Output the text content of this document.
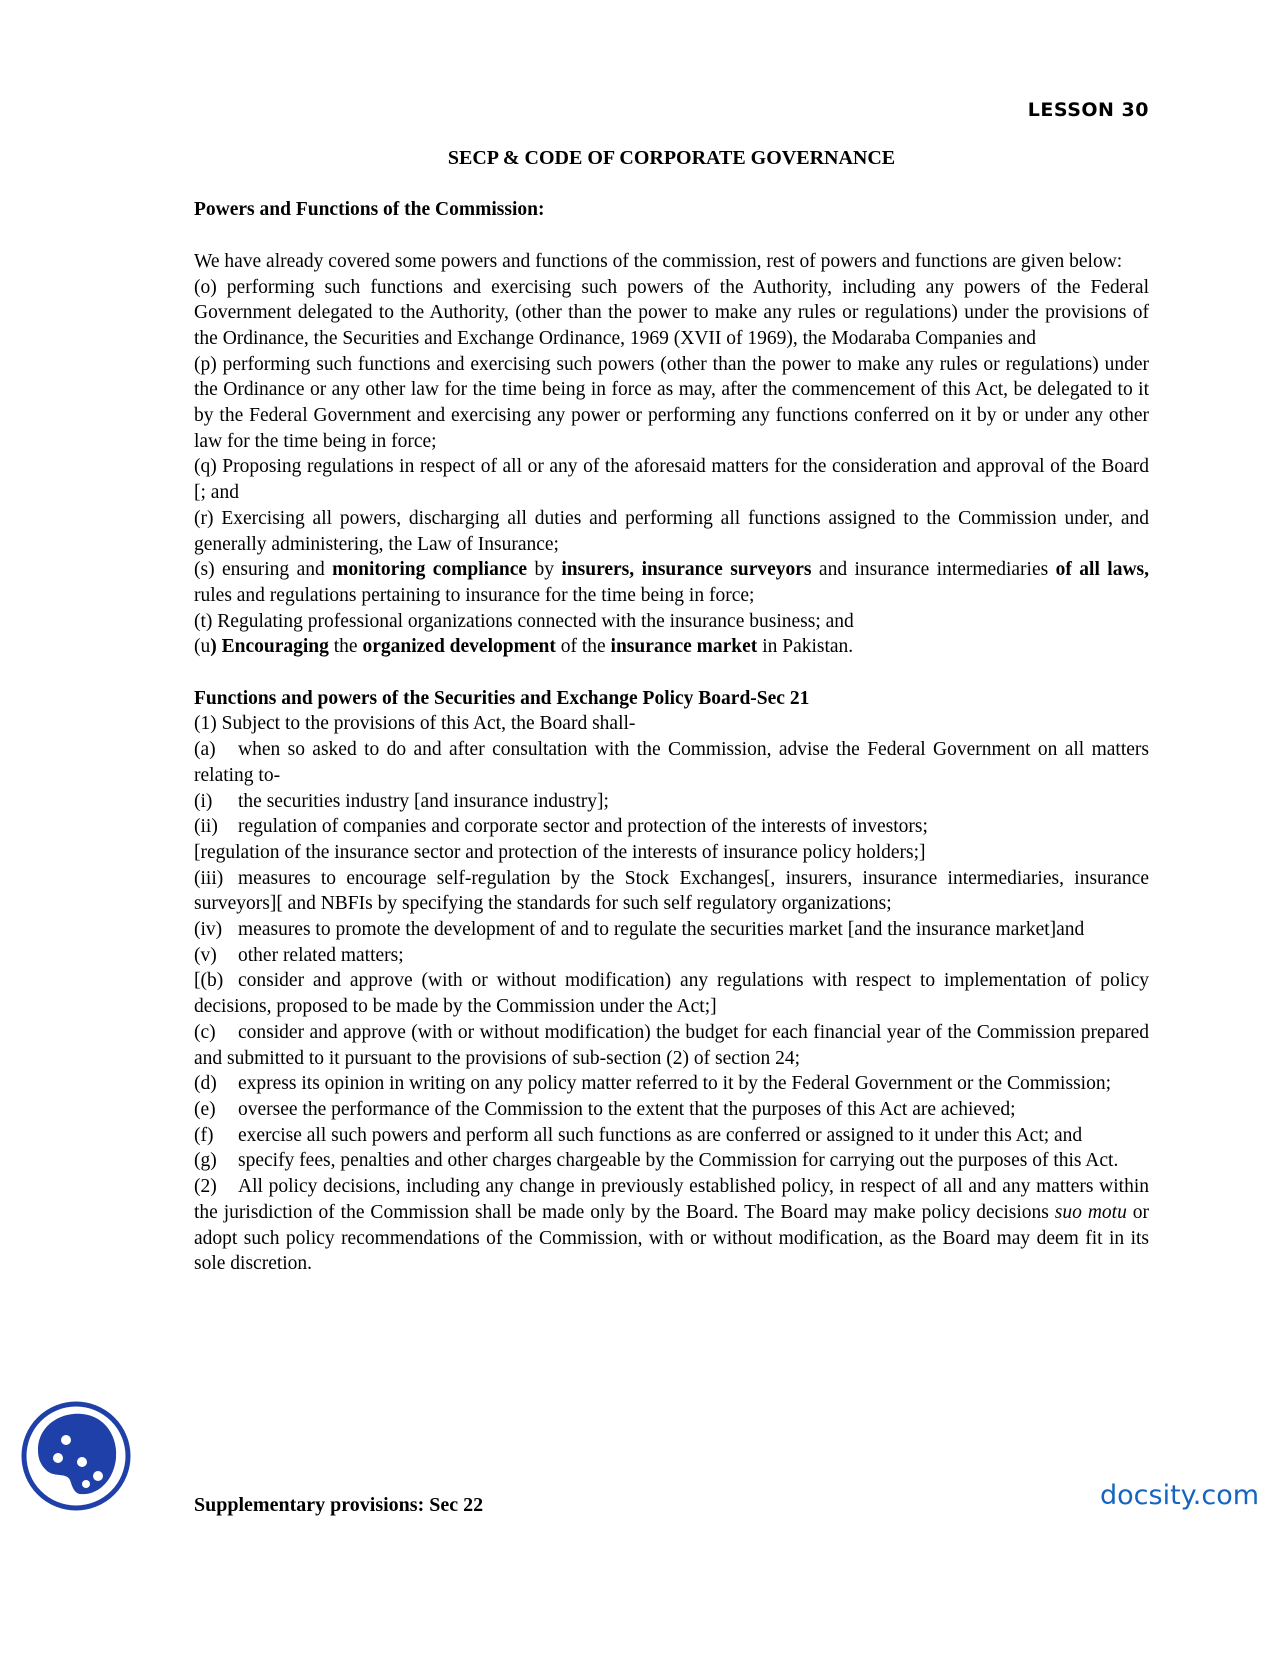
LESSON 30
SECP & CODE OF CORPORATE GOVERNANCE

Powers and Functions of the Commission:

We have already covered some powers and functions of the commission, rest of powers and functions are given below:

(o) performing such functions and exercising such powers of the Authority, including any powers of the Federal Government delegated to the Authority, (other than the power to make any rules or regulations) under the provisions of the Ordinance, the Securities and Exchange Ordinance, 1969 (XVII of 1969), the Modaraba Companies and

(p) performing such functions and exercising such powers (other than the power to make any rules or regulations) under the Ordinance or any other law for the time being in force as may, after the commencement of this Act, be delegated to it by the Federal Government and exercising any power or performing any functions conferred on it by or under any other law for the time being in force;

(q) Proposing regulations in respect of all or any of the aforesaid matters for the consideration and approval of the Board [; and

(r) Exercising all powers, discharging all duties and performing all functions assigned to the Commission under, and generally administering, the Law of Insurance;

(s) ensuring and monitoring compliance by insurers, insurance surveyors and insurance intermediaries of all laws, rules and regulations pertaining to insurance for the time being in force;

(t) Regulating professional organizations connected with the insurance business; and

(u) Encouraging the organized development of the insurance market in Pakistan.

Functions and powers of the Securities and Exchange Policy Board-Sec 21

(1) Subject to the provisions of this Act, the Board shall-

(a) when so asked to do and after consultation with the Commission, advise the Federal Government on all matters relating to-

(i) the securities industry [and insurance industry];

(ii) regulation of companies and corporate sector and protection of the interests of investors;

[regulation of the insurance sector and protection of the interests of insurance policy holders;]

(iii) measures to encourage self-regulation by the Stock Exchanges[, insurers, insurance intermediaries, insurance surveyors][ and NBFIs by specifying the standards for such self regulatory organizations;

(iv) measures to promote the development of and to regulate the securities market [and the insurance market]and

(v) other related matters;

[(b) consider and approve (with or without modification) any regulations with respect to implementation of policy decisions, proposed to be made by the Commission under the Act;]

(c) consider and approve (with or without modification) the budget for each financial year of the Commission prepared and submitted to it pursuant to the provisions of sub-section (2) of section 24;

(d) express its opinion in writing on any policy matter referred to it by the Federal Government or the Commission;

(e) oversee the performance of the Commission to the extent that the purposes of this Act are achieved;

(f) exercise all such powers and perform all such functions as are conferred or assigned to it under this Act; and

(g) specify fees, penalties and other charges chargeable by the Commission for carrying out the purposes of this Act.

(2) All policy decisions, including any change in previously established policy, in respect of all and any matters within the jurisdiction of the Commission shall be made only by the Board. The Board may make policy decisions suo motu or adopt such policy recommendations of the Commission, with or without modification, as the Board may deem fit in its sole discretion.

Supplementary provisions: Sec 22	docsity.com
